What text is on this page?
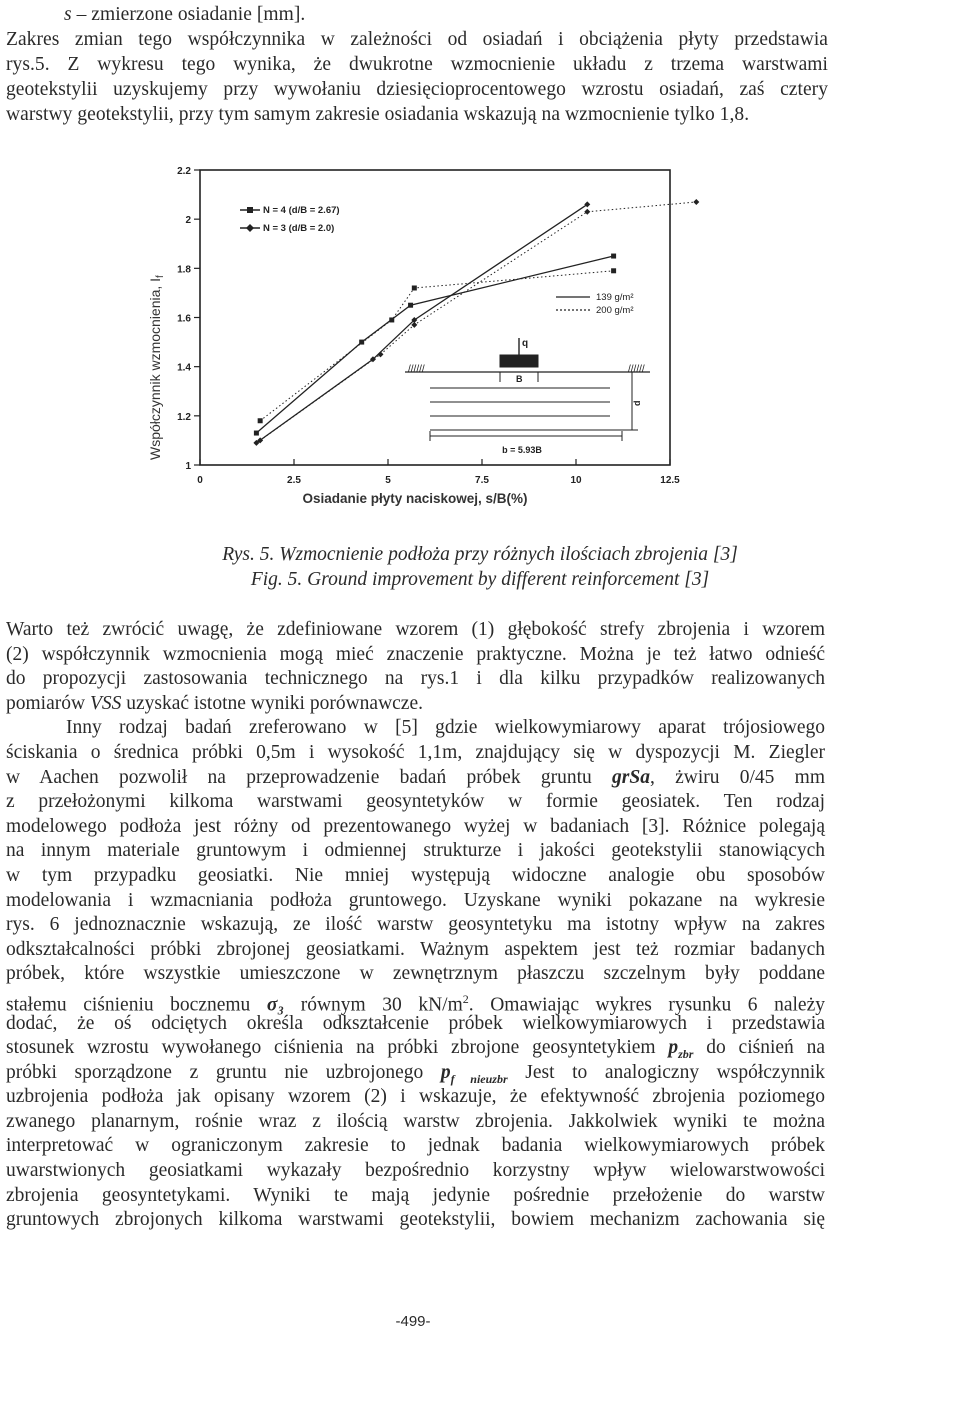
s – zmierzone osiadanie [mm].
Zakres zmian tego współczynnika w zależności od osiadań i obciążenia płyty przedstawia
rys.5. Z wykresu tego wynika, że dwukrotne wzmocnienie układu z trzema warstwami
geotekstylii uzyskujemy przy wywołaniu dziesięcioprocentowego wzrostu osiadań, zaś cztery
warstwy geotekstylii, przy tym samym zakresie osiadania wskazują na wzmocnienie tylko 1,8.
1
1.2
1.4
1.6
1.8
2
2.2
0	2.5	5	7.5	10	12.5
Współczynnik wzmocnienia, $I_f$
Osiadanie płyty naciskowej, s/B(%)
N = 4 (d/B = 2.67)
N = 3 (d/B = 2.0)
139 g/m²
200 g/m²
//////	//////
q
B
d
b = 5.93B
Rys. 5. Wzmocnienie podłoża przy różnych ilościach zbrojenia [3]
Fig. 5. Ground improvement by different reinforcement [3]
Warto też zwrócić uwagę, że zdefiniowane wzorem (1) głębokość strefy zbrojenia i wzorem
(2) współczynnik wzmocnienia mogą mieć znaczenie praktyczne. Można je też łatwo odnieść
do propozycji zastosowania technicznego na rys.1 i dla kilku przypadków realizowanych
pomiarów VSS uzyskać istotne wyniki porównawcze.
Inny rodzaj badań zreferowano w [5] gdzie wielkowymiarowy aparat trójosiowego
ściskania o średnica próbki 0,5m i wysokość 1,1m, znajdujący się w dyspozycji M. Ziegler
w Aachen pozwolił na przeprowadzenie badań próbek gruntu grSa, żwiru 0/45 mm
z przełożonymi kilkoma warstwami geosyntetyków w formie geosiatek. Ten rodzaj
modelowego podłoża jest różny od prezentowanego wyżej w badaniach [3]. Różnice polegają
na innym materiale gruntowym i odmiennej strukturze i jakości geotekstylii stanowiących
w tym przypadku geosiatki. Nie mniej występują widoczne analogie obu sposobów
modelowania i wzmacniania podłoża gruntowego. Uzyskane wyniki pokazane na wykresie
rys. 6 jednoznacznie wskazują, ze ilość warstw geosyntetyku ma istotny wpływ na zakres
odkształcalności próbki zbrojonej geosiatkami. Ważnym aspektem jest też rozmiar badanych
próbek, które wszystkie umieszczone w zewnętrznym płaszczu szczelnym były poddane
stałemu ciśnieniu bocznemu σ₃ równym 30 $kN/m^2$. Omawiając wykres rysunku 6 należy
dodać, że oś odciętych określa odkształcenie próbek wielkowymiarowych i przedstawia
stosunek wzrostu wywołanego ciśnienia na próbki zbrojone geosyntetykiem $p_{zbr}$ do ciśnień na
próbki sporządzone z gruntu nie uzbrojonego $p_{f nieuzbr}$ Jest to analogiczny współczynnik
uzbrojenia podłoża jak opisany wzorem (2) i wskazuje, że efektywność zbrojenia poziomego
zwanego planarnym, rośnie wraz z ilością warstw zbrojenia. Jakkolwiek wyniki te można
interpretować w ograniczonym zakresie to jednak badania wielkowymiarowych próbek
uwarstwionych geosiatkami wykazały bezpośrednio korzystny wpływ wielowarstwowości
zbrojenia geosyntetykami. Wyniki te mają jedynie pośrednie przełożenie do warstw
gruntowych zbrojonych kilkoma warstwami geotekstylii, bowiem mechanizm zachowania się
-499-
